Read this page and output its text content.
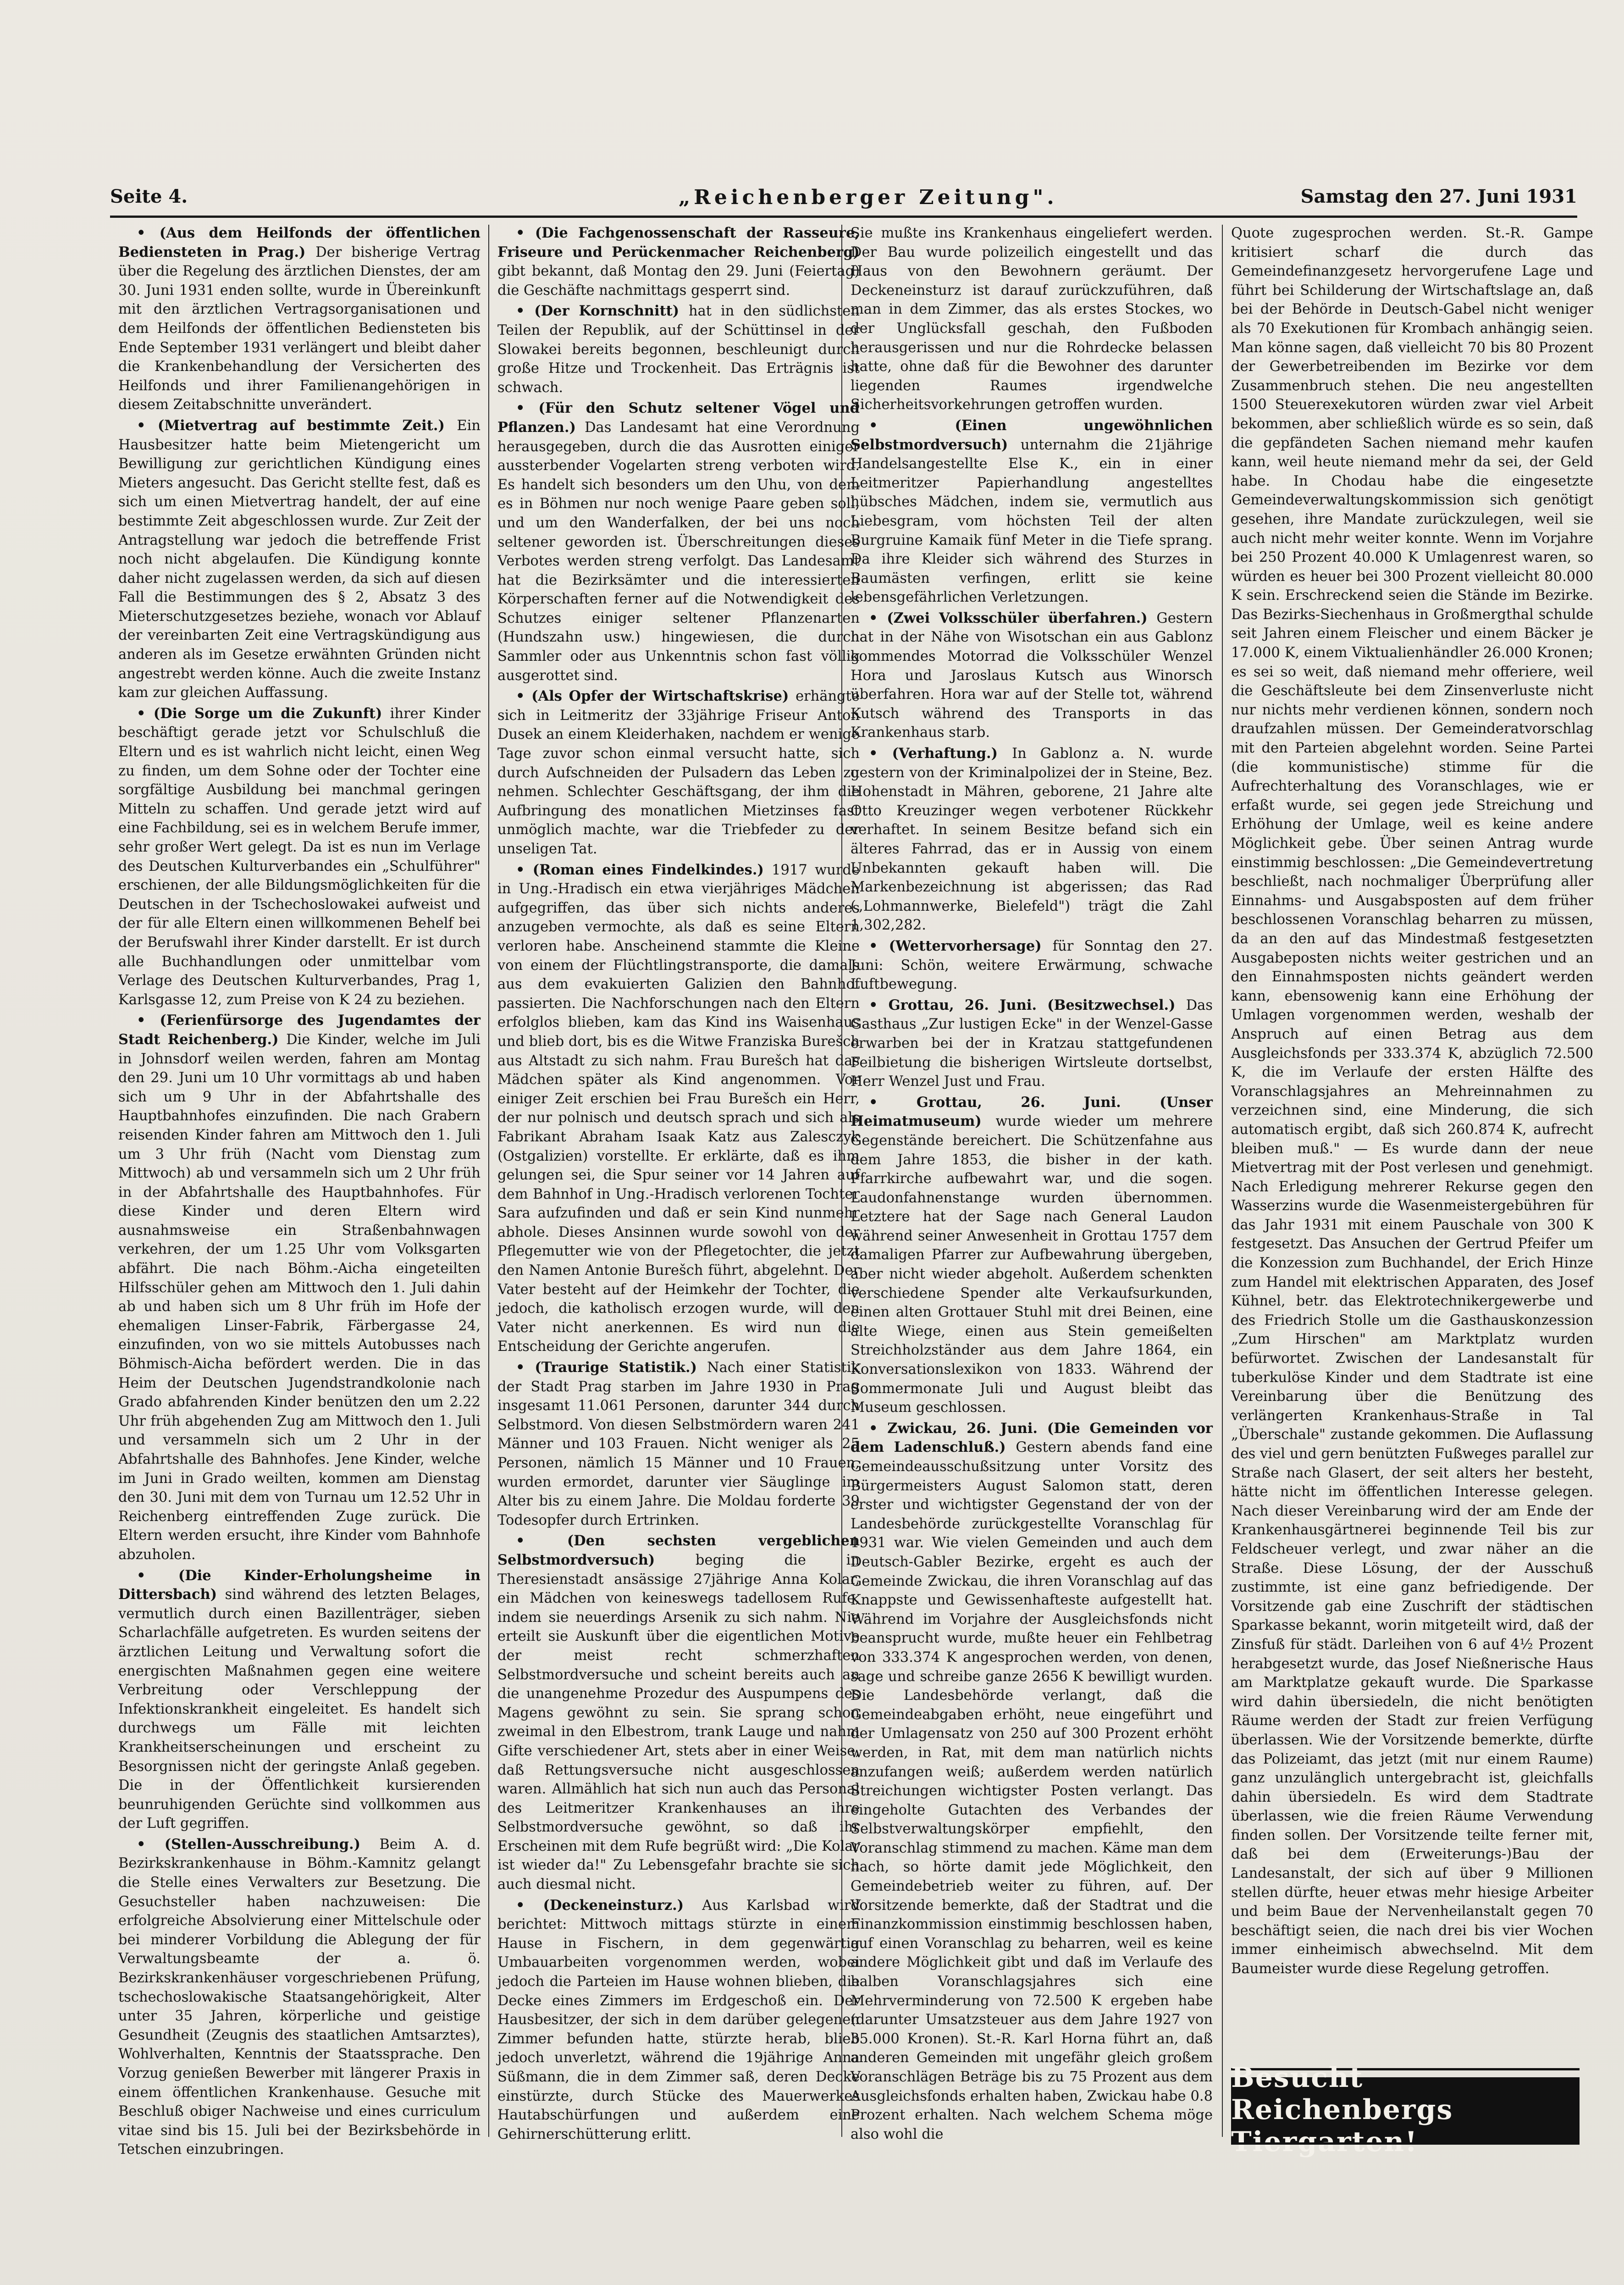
Seite 4.	„Reichenberger Zeitung".	Samstag den 27. Juni 1931

• (Aus dem Heilfonds der öffentlichen Bediensteten in Prag.) Der bisherige Vertrag über die Regelung des ärztlichen Dienstes, der am 30. Juni 1931 enden sollte, wurde in Übereinkunft mit den ärztlichen Vertragsorganisationen und dem Heilfonds der öffentlichen Bediensteten bis Ende September 1931 verlängert und bleibt daher die Krankenbehandlung der Versicherten des Heilfonds und ihrer Familienangehörigen in diesem Zeitabschnitte unverändert.

• (Mietvertrag auf bestimmte Zeit.) Ein Hausbesitzer hatte beim Mietengericht um Bewilligung zur gerichtlichen Kündigung eines Mieters angesucht. Das Gericht stellte fest, daß es sich um einen Mietvertrag handelt, der auf eine bestimmte Zeit abgeschlossen wurde. Zur Zeit der Antragstellung war jedoch die betreffende Frist noch nicht abgelaufen. Die Kündigung konnte daher nicht zugelassen werden, da sich auf diesen Fall die Bestimmungen des § 2, Absatz 3 des Mieterschutzgesetzes beziehe, wonach vor Ablauf der vereinbarten Zeit eine Vertragskündigung aus anderen als im Gesetze erwähnten Gründen nicht angestrebt werden könne. Auch die zweite Instanz kam zur gleichen Auffassung.

• (Die Sorge um die Zukunft) ihrer Kinder beschäftigt gerade jetzt vor Schulschluß die Eltern und es ist wahrlich nicht leicht, einen Weg zu finden, um dem Sohne oder der Tochter eine sorgfältige Ausbildung bei manchmal geringen Mitteln zu schaffen. Und gerade jetzt wird auf eine Fachbildung, sei es in welchem Berufe immer, sehr großer Wert gelegt. Da ist es nun im Verlage des Deutschen Kulturverbandes ein „Schulführer" erschienen, der alle Bildungsmöglichkeiten für die Deutschen in der Tschechoslowakei aufweist und der für alle Eltern einen willkommenen Behelf bei der Berufswahl ihrer Kinder darstellt. Er ist durch alle Buchhandlungen oder unmittelbar vom Verlage des Deutschen Kulturverbandes, Prag 1, Karlsgasse 12, zum Preise von K 24 zu beziehen.

• (Ferienfürsorge des Jugendamtes der Stadt Reichenberg.) Die Kinder, welche im Juli in Johnsdorf weilen werden, fahren am Montag den 29. Juni um 10 Uhr vormittags ab und haben sich um 9 Uhr in der Abfahrtshalle des Hauptbahnhofes einzufinden. Die nach Grabern reisenden Kinder fahren am Mittwoch den 1. Juli um 3 Uhr früh (Nacht vom Dienstag zum Mittwoch) ab und versammeln sich um 2 Uhr früh in der Abfahrtshalle des Hauptbahnhofes. Für diese Kinder und deren Eltern wird ausnahmsweise ein Straßenbahnwagen verkehren, der um 1.25 Uhr vom Volksgarten abfährt. Die nach Böhm.-Aicha eingeteilten Hilfsschüler gehen am Mittwoch den 1. Juli dahin ab und haben sich um 8 Uhr früh im Hofe der ehemaligen Linser-Fabrik, Färbergasse 24, einzufinden, von wo sie mittels Autobusses nach Böhmisch-Aicha befördert werden. Die in das Heim der Deutschen Jugendstrandkolonie nach Grado abfahrenden Kinder benützen den um 2.22 Uhr früh abgehenden Zug am Mittwoch den 1. Juli und versammeln sich um 2 Uhr in der Abfahrtshalle des Bahnhofes. Jene Kinder, welche im Juni in Grado weilten, kommen am Dienstag den 30. Juni mit dem von Turnau um 12.52 Uhr in Reichenberg eintreffenden Zuge zurück. Die Eltern werden ersucht, ihre Kinder vom Bahnhofe abzuholen.

• (Die Kinder-Erholungsheime in Dittersbach) sind während des letzten Belages, vermutlich durch einen Bazillenträger, sieben Scharlachfälle aufgetreten. Es wurden seitens der ärztlichen Leitung und Verwaltung sofort die energischten Maßnahmen gegen eine weitere Verbreitung oder Verschleppung der Infektionskrankheit eingeleitet. Es handelt sich durchwegs um Fälle mit leichten Krankheitserscheinungen und erscheint zu Besorgnissen nicht der geringste Anlaß gegeben. Die in der Öffentlichkeit kursierenden beunruhigenden Gerüchte sind vollkommen aus der Luft gegriffen.

• (Stellen-Ausschreibung.) Beim A. d. Bezirkskrankenhause in Böhm.-Kamnitz gelangt die Stelle eines Verwalters zur Besetzung. Die Gesuchsteller haben nachzuweisen: Die erfolgreiche Absolvierung einer Mittelschule oder bei minderer Vorbildung die Ablegung der für Verwaltungsbeamte der a. ö. Bezirkskrankenhäuser vorgeschriebenen Prüfung, tschechoslowakische Staatsangehörigkeit, Alter unter 35 Jahren, körperliche und geistige Gesundheit (Zeugnis des staatlichen Amtsarztes), Wohlverhalten, Kenntnis der Staatssprache. Den Vorzug genießen Bewerber mit längerer Praxis in einem öffentlichen Krankenhause. Gesuche mit Beschluß obiger Nachweise und eines curriculum vitae sind bis 15. Juli bei der Bezirksbehörde in Tetschen einzubringen.

• (Die Fachgenossenschaft der Rasseure, Friseure und Perückenmacher Reichenberg) gibt bekannt, daß Montag den 29. Juni (Feiertag) die Geschäfte nachmittags gesperrt sind.

• (Der Kornschnitt) hat in den südlichsten Teilen der Republik, auf der Schüttinsel in der Slowakei bereits begonnen, beschleunigt durch große Hitze und Trockenheit. Das Erträgnis ist schwach.

• (Für den Schutz seltener Vögel und Pflanzen.) Das Landesamt hat eine Verordnung herausgegeben, durch die das Ausrotten einiger aussterbender Vogelarten streng verboten wird. Es handelt sich besonders um den Uhu, von dem es in Böhmen nur noch wenige Paare geben soll, und um den Wanderfalken, der bei uns noch seltener geworden ist. Überschreitungen dieses Verbotes werden streng verfolgt. Das Landesamt hat die Bezirksämter und die interessierten Körperschaften ferner auf die Notwendigkeit des Schutzes einiger seltener Pflanzenarten (Hundszahn usw.) hingewiesen, die durch Sammler oder aus Unkenntnis schon fast völlig ausgerottet sind.

• (Als Opfer der Wirtschaftskrise) erhängte sich in Leitmeritz der 33jährige Friseur Anton Dusek an einem Kleiderhaken, nachdem er wenige Tage zuvor schon einmal versucht hatte, sich durch Aufschneiden der Pulsadern das Leben zu nehmen. Schlechter Geschäftsgang, der ihm die Aufbringung des monatlichen Mietzinses fast unmöglich machte, war die Triebfeder zu der unseligen Tat.

• (Roman eines Findelkindes.) 1917 wurde in Ung.-Hradisch ein etwa vierjähriges Mädchen aufgegriffen, das über sich nichts anderes anzugeben vermochte, als daß es seine Eltern verloren habe. Anscheinend stammte die Kleine von einem der Flüchtlingstransporte, die damals aus dem evakuierten Galizien den Bahnhof passierten. Die Nachforschungen nach den Eltern erfolglos blieben, kam das Kind ins Waisenhaus und blieb dort, bis es die Witwe Franziska Burešch aus Altstadt zu sich nahm. Frau Burešch hat das Mädchen später als Kind angenommen. Vor einiger Zeit erschien bei Frau Burešch ein Herr, der nur polnisch und deutsch sprach und sich als Fabrikant Abraham Isaak Katz aus Zalesczyk (Ostgalizien) vorstellte. Er erklärte, daß es ihm gelungen sei, die Spur seiner vor 14 Jahren auf dem Bahnhof in Ung.-Hradisch verlorenen Tochter Sara aufzufinden und daß er sein Kind nunmehr abhole. Dieses Ansinnen wurde sowohl von der Pflegemutter wie von der Pflegetochter, die jetzt den Namen Antonie Burešch führt, abgelehnt. Der Vater besteht auf der Heimkehr der Tochter, die jedoch, die katholisch erzogen wurde, will den Vater nicht anerkennen. Es wird nun die Entscheidung der Gerichte angerufen.

• (Traurige Statistik.) Nach einer Statistik der Stadt Prag starben im Jahre 1930 in Prag insgesamt 11.061 Personen, darunter 344 durch Selbstmord. Von diesen Selbstmördern waren 241 Männer und 103 Frauen. Nicht weniger als 25 Personen, nämlich 15 Männer und 10 Frauen, wurden ermordet, darunter vier Säuglinge im Alter bis zu einem Jahre. Die Moldau forderte 39 Todesopfer durch Ertrinken.

• (Den sechsten vergeblichen Selbstmordversuch) beging die in Theresienstadt ansässige 27jährige Anna Kolar, ein Mädchen von keineswegs tadellosem Rufe, indem sie neuerdings Arsenik zu sich nahm. Nie erteilt sie Auskunft über die eigentlichen Motive der meist recht schmerzhaften Selbstmordversuche und scheint bereits auch an die unangenehme Prozedur des Auspumpens des Magens gewöhnt zu sein. Sie sprang schon zweimal in den Elbestrom, trank Lauge und nahm Gifte verschiedener Art, stets aber in einer Weise, daß Rettungsversuche nicht ausgeschlossen waren. Allmählich hat sich nun auch das Personal des Leitmeritzer Krankenhauses an ihre Selbstmordversuche gewöhnt, so daß ihr Erscheinen mit dem Rufe begrüßt wird: „Die Kolar ist wieder da!" Zu Lebensgefahr brachte sie sich auch diesmal nicht.

• (Deckeneinsturz.) Aus Karlsbad wird berichtet: Mittwoch mittags stürzte in einem Hause in Fischern, in dem gegenwärtig Umbauarbeiten vorgenommen werden, wobei jedoch die Parteien im Hause wohnen blieben, die Decke eines Zimmers im Erdgeschoß ein. Der Hausbesitzer, der sich in dem darüber gelegenen Zimmer befunden hatte, stürzte herab, blieb jedoch unverletzt, während die 19jährige Anna Süßmann, die in dem Zimmer saß, deren Decke einstürzte, durch Stücke des Mauerwerkes Hautabschürfungen und außerdem eine Gehirnerschütterung erlitt.

Sie mußte ins Krankenhaus eingeliefert werden. Der Bau wurde polizeilich eingestellt und das Haus von den Bewohnern geräumt. Der Deckeneinsturz ist darauf zurückzuführen, daß man in dem Zimmer, das als erstes Stockes, wo der Unglücksfall geschah, den Fußboden herausgerissen und nur die Rohrdecke belassen hatte, ohne daß für die Bewohner des darunter liegenden Raumes irgendwelche Sicherheitsvorkehrungen getroffen wurden.

• (Einen ungewöhnlichen Selbstmordversuch) unternahm die 21jährige Handelsangestellte Else K., ein in einer Leitmeritzer Papierhandlung angestelltes hübsches Mädchen, indem sie, vermutlich aus Liebesgram, vom höchsten Teil der alten Burgruine Kamaik fünf Meter in die Tiefe sprang. Da ihre Kleider sich während des Sturzes in Baumästen verfingen, erlitt sie keine lebensgefährlichen Verletzungen.

• (Zwei Volksschüler überfahren.) Gestern hat in der Nähe von Wisotschan ein aus Gablonz kommendes Motorrad die Volksschüler Wenzel Hora und Jaroslaus Kutsch aus Winorsch überfahren. Hora war auf der Stelle tot, während Kutsch während des Transports in das Krankenhaus starb.

• (Verhaftung.) In Gablonz a. N. wurde gestern von der Kriminalpolizei der in Steine, Bez. Hohenstadt in Mähren, geborene, 21 Jahre alte Otto Kreuzinger wegen verbotener Rückkehr verhaftet. In seinem Besitze befand sich ein älteres Fahrrad, das er in Aussig von einem Unbekannten gekauft haben will. Die Markenbezeichnung ist abgerissen; das Rad („Lohmannwerke, Bielefeld") trägt die Zahl 1,302,282.

• (Wettervorhersage) für Sonntag den 27. Juni: Schön, weitere Erwärmung, schwache Luftbewegung.

• Grottau, 26. Juni. (Besitzwechsel.) Das Gasthaus „Zur lustigen Ecke" in der Wenzel-Gasse erwarben bei der in Kratzau stattgefundenen Feilbietung die bisherigen Wirtsleute dortselbst, Herr Wenzel Just und Frau.

• Grottau, 26. Juni. (Unser Heimatmuseum) wurde wieder um mehrere Gegenstände bereichert. Die Schützenfahne aus dem Jahre 1853, die bisher in der kath. Pfarrkirche aufbewahrt war, und die sogen. Laudonfahnenstange wurden übernommen. Letztere hat der Sage nach General Laudon während seiner Anwesenheit in Grottau 1757 dem damaligen Pfarrer zur Aufbewahrung übergeben, aber nicht wieder abgeholt. Außerdem schenkten verschiedene Spender alte Verkaufsurkunden, einen alten Grottauer Stuhl mit drei Beinen, eine alte Wiege, einen aus Stein gemeißelten Streichholzständer aus dem Jahre 1864, ein Konversationslexikon von 1833. Während der Sommermonate Juli und August bleibt das Museum geschlossen.

• Zwickau, 26. Juni. (Die Gemeinden vor dem Ladenschluß.) Gestern abends fand eine Gemeindeausschußsitzung unter Vorsitz des Bürgermeisters August Salomon statt, deren erster und wichtigster Gegenstand der von der Landesbehörde zurückgestellte Voranschlag für 1931 war. Wie vielen Gemeinden und auch dem Deutsch-Gabler Bezirke, ergeht es auch der Gemeinde Zwickau, die ihren Voranschlag auf das Knappste und Gewissenhafteste aufgestellt hat. Während im Vorjahre der Ausgleichsfonds nicht beansprucht wurde, mußte heuer ein Fehlbetrag von 333.374 K angesprochen werden, von denen, sage und schreibe ganze 2656 K bewilligt wurden. Die Landesbehörde verlangt, daß die Gemeindeabgaben erhöht, neue eingeführt und der Umlagensatz von 250 auf 300 Prozent erhöht werden, in Rat, mit dem man natürlich nichts anzufangen weiß; außerdem werden natürlich Streichungen wichtigster Posten verlangt. Das eingeholte Gutachten des Verbandes der Selbstverwaltungskörper empfiehlt, den Voranschlag stimmend zu machen. Käme man dem nach, so hörte damit jede Möglichkeit, den Gemeindebetrieb weiter zu führen, auf. Der Vorsitzende bemerkte, daß der Stadtrat und die Finanzkommission einstimmig beschlossen haben, auf einen Voranschlag zu beharren, weil es keine andere Möglichkeit gibt und daß im Verlaufe des halben Voranschlagsjahres sich eine Mehrverminderung von 72.500 K ergeben habe (darunter Umsatzsteuer aus dem Jahre 1927 von 35.000 Kronen). St.-R. Karl Horna führt an, daß anderen Gemeinden mit ungefähr gleich großem Voranschlägen Beträge bis zu 75 Prozent aus dem Ausgleichsfonds erhalten haben, Zwickau habe 0.8 Prozent erhalten. Nach welchem Schema möge also wohl die

Quote zugesprochen werden. St.-R. Gampe kritisiert scharf die durch das Gemeindefinanzgesetz hervorgerufene Lage und führt bei Schilderung der Wirtschaftslage an, daß bei der Behörde in Deutsch-Gabel nicht weniger als 70 Exekutionen für Krombach anhängig seien. Man könne sagen, daß vielleicht 70 bis 80 Prozent der Gewerbetreibenden im Bezirke vor dem Zusammenbruch stehen. Die neu angestellten 1500 Steuerexekutoren würden zwar viel Arbeit bekommen, aber schließlich würde es so sein, daß die gepfändeten Sachen niemand mehr kaufen kann, weil heute niemand mehr da sei, der Geld habe. In Chodau habe die eingesetzte Gemeindeverwaltungskommission sich genötigt gesehen, ihre Mandate zurückzulegen, weil sie auch nicht mehr weiter konnte. Wenn im Vorjahre bei 250 Prozent 40.000 K Umlagenrest waren, so würden es heuer bei 300 Prozent vielleicht 80.000 K sein. Erschreckend seien die Stände im Bezirke. Das Bezirks-Siechenhaus in Großmergthal schulde seit Jahren einem Fleischer und einem Bäcker je 17.000 K, einem Viktualienhändler 26.000 Kronen; es sei so weit, daß niemand mehr offeriere, weil die Geschäftsleute bei dem Zinsenverluste nicht nur nichts mehr verdienen können, sondern noch draufzahlen müssen. Der Gemeinderatvorschlag mit den Parteien abgelehnt worden. Seine Partei (die kommunistische) stimme für die Aufrechterhaltung des Voranschlages, wie er erfaßt wurde, sei gegen jede Streichung und Erhöhung der Umlage, weil es keine andere Möglichkeit gebe. Über seinen Antrag wurde einstimmig beschlossen: „Die Gemeindevertretung beschließt, nach nochmaliger Überprüfung aller Einnahms- und Ausgabsposten auf dem früher beschlossenen Voranschlag beharren zu müssen, da an den auf das Mindestmaß festgesetzten Ausgabeposten nichts weiter gestrichen und an den Einnahmsposten nichts geändert werden kann, ebensowenig kann eine Erhöhung der Umlagen vorgenommen werden, weshalb der Anspruch auf einen Betrag aus dem Ausgleichsfonds per 333.374 K, abzüglich 72.500 K, die im Verlaufe der ersten Hälfte des Voranschlagsjahres an Mehreinnahmen zu verzeichnen sind, eine Minderung, die sich automatisch ergibt, daß sich 260.874 K, aufrecht bleiben muß." — Es wurde dann der neue Mietvertrag mit der Post verlesen und genehmigt. Nach Erledigung mehrerer Rekurse gegen den Wasserzins wurde die Wasenmeistergebühren für das Jahr 1931 mit einem Pauschale von 300 K festgesetzt. Das Ansuchen der Gertrud Pfeifer um die Konzession zum Buchhandel, der Erich Hinze zum Handel mit elektrischen Apparaten, des Josef Kühnel, betr. das Elektrotechnikergewerbe und des Friedrich Stolle um die Gasthauskonzession „Zum Hirschen" am Marktplatz wurden befürwortet. Zwischen der Landesanstalt für tuberkulöse Kinder und dem Stadtrate ist eine Vereinbarung über die Benützung des verlängerten Krankenhaus-Straße in Tal „Überschale" zustande gekommen. Die Auflassung des viel und gern benützten Fußweges parallel zur Straße nach Glasert, der seit alters her besteht, hätte nicht im öffentlichen Interesse gelegen. Nach dieser Vereinbarung wird der am Ende der Krankenhausgärtnerei beginnende Teil bis zur Feldscheuer verlegt, und zwar näher an die Straße. Diese Lösung, der der Ausschuß zustimmte, ist eine ganz befriedigende. Der Vorsitzende gab eine Zuschrift der städtischen Sparkasse bekannt, worin mitgeteilt wird, daß der Zinsfuß für städt. Darleihen von 6 auf 4½ Prozent herabgesetzt wurde, das Josef Nießnerische Haus am Marktplatze gekauft wurde. Die Sparkasse wird dahin übersiedeln, die nicht benötigten Räume werden der Stadt zur freien Verfügung überlassen. Wie der Vorsitzende bemerkte, dürfte das Polizeiamt, das jetzt (mit nur einem Raume) ganz unzulänglich untergebracht ist, gleichfalls dahin übersiedeln. Es wird dem Stadtrate überlassen, wie die freien Räume Verwendung finden sollen. Der Vorsitzende teilte ferner mit, daß bei dem (Erweiterungs-)Bau der Landesanstalt, der sich auf über 9 Millionen stellen dürfte, heuer etwas mehr hiesige Arbeiter und beim Baue der Nervenheilanstalt gegen 70 beschäftigt seien, die nach drei bis vier Wochen immer einheimisch abwechselnd. Mit dem Baumeister wurde diese Regelung getroffen.

Besucht Reichenbergs Tiergarten!
